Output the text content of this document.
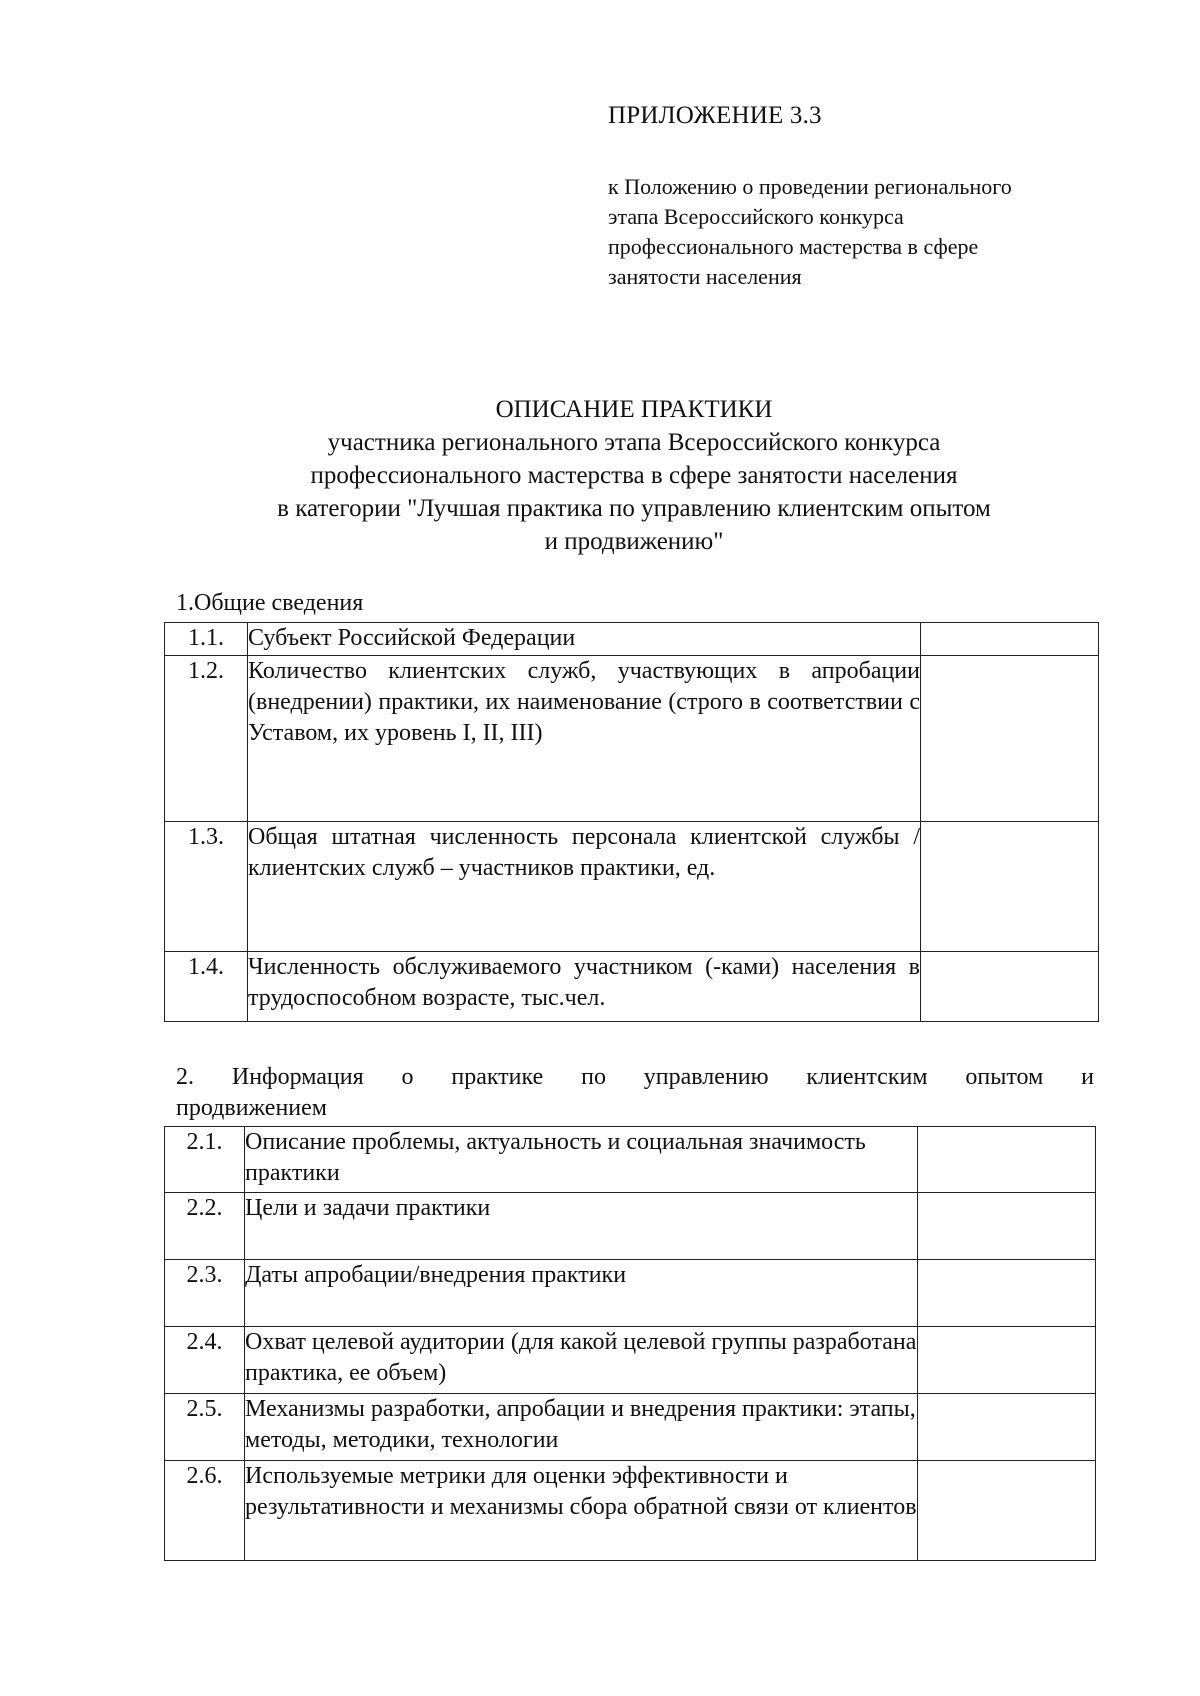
ПРИЛОЖЕНИЕ 3.3
к Положению о проведении регионального
этапа Всероссийского конкурса
профессионального мастерства в сфере
занятости населения
ОПИСАНИЕ ПРАКТИКИ
участника регионального этапа Всероссийского конкурса
профессионального мастерства в сфере занятости населения
в категории "Лучшая практика по управлению клиентским опытом
и продвижению"
1.Общие сведения
1.1.	Субъект Российской Федерации	
1.2.	Количество клиентских служб, участвующих в апробации (внедрении) практики, их наименование (строго в соответствии с Уставом, их уровень I, II, III)	
1.3.	Общая штатная численность персонала клиентской службы / клиентских служб – участников практики, ед.	
1.4.	Численность обслуживаемого участником (-ками) населения в трудоспособном возрасте, тыс.чел.	
2. Информация о практике по управлению клиентским опытом и
продвижением
2.1.	Описание проблемы, актуальность и социальная значимость практики	
2.2.	Цели и задачи практики	
2.3.	Даты апробации/внедрения практики	
2.4.	Охват целевой аудитории (для какой целевой группы разработана практика, ее объем)	
2.5.	Механизмы разработки, апробации и внедрения практики: этапы, методы, методики, технологии	
2.6.	Используемые метрики для оценки эффективности и результативности и механизмы сбора обратной связи от клиентов	
